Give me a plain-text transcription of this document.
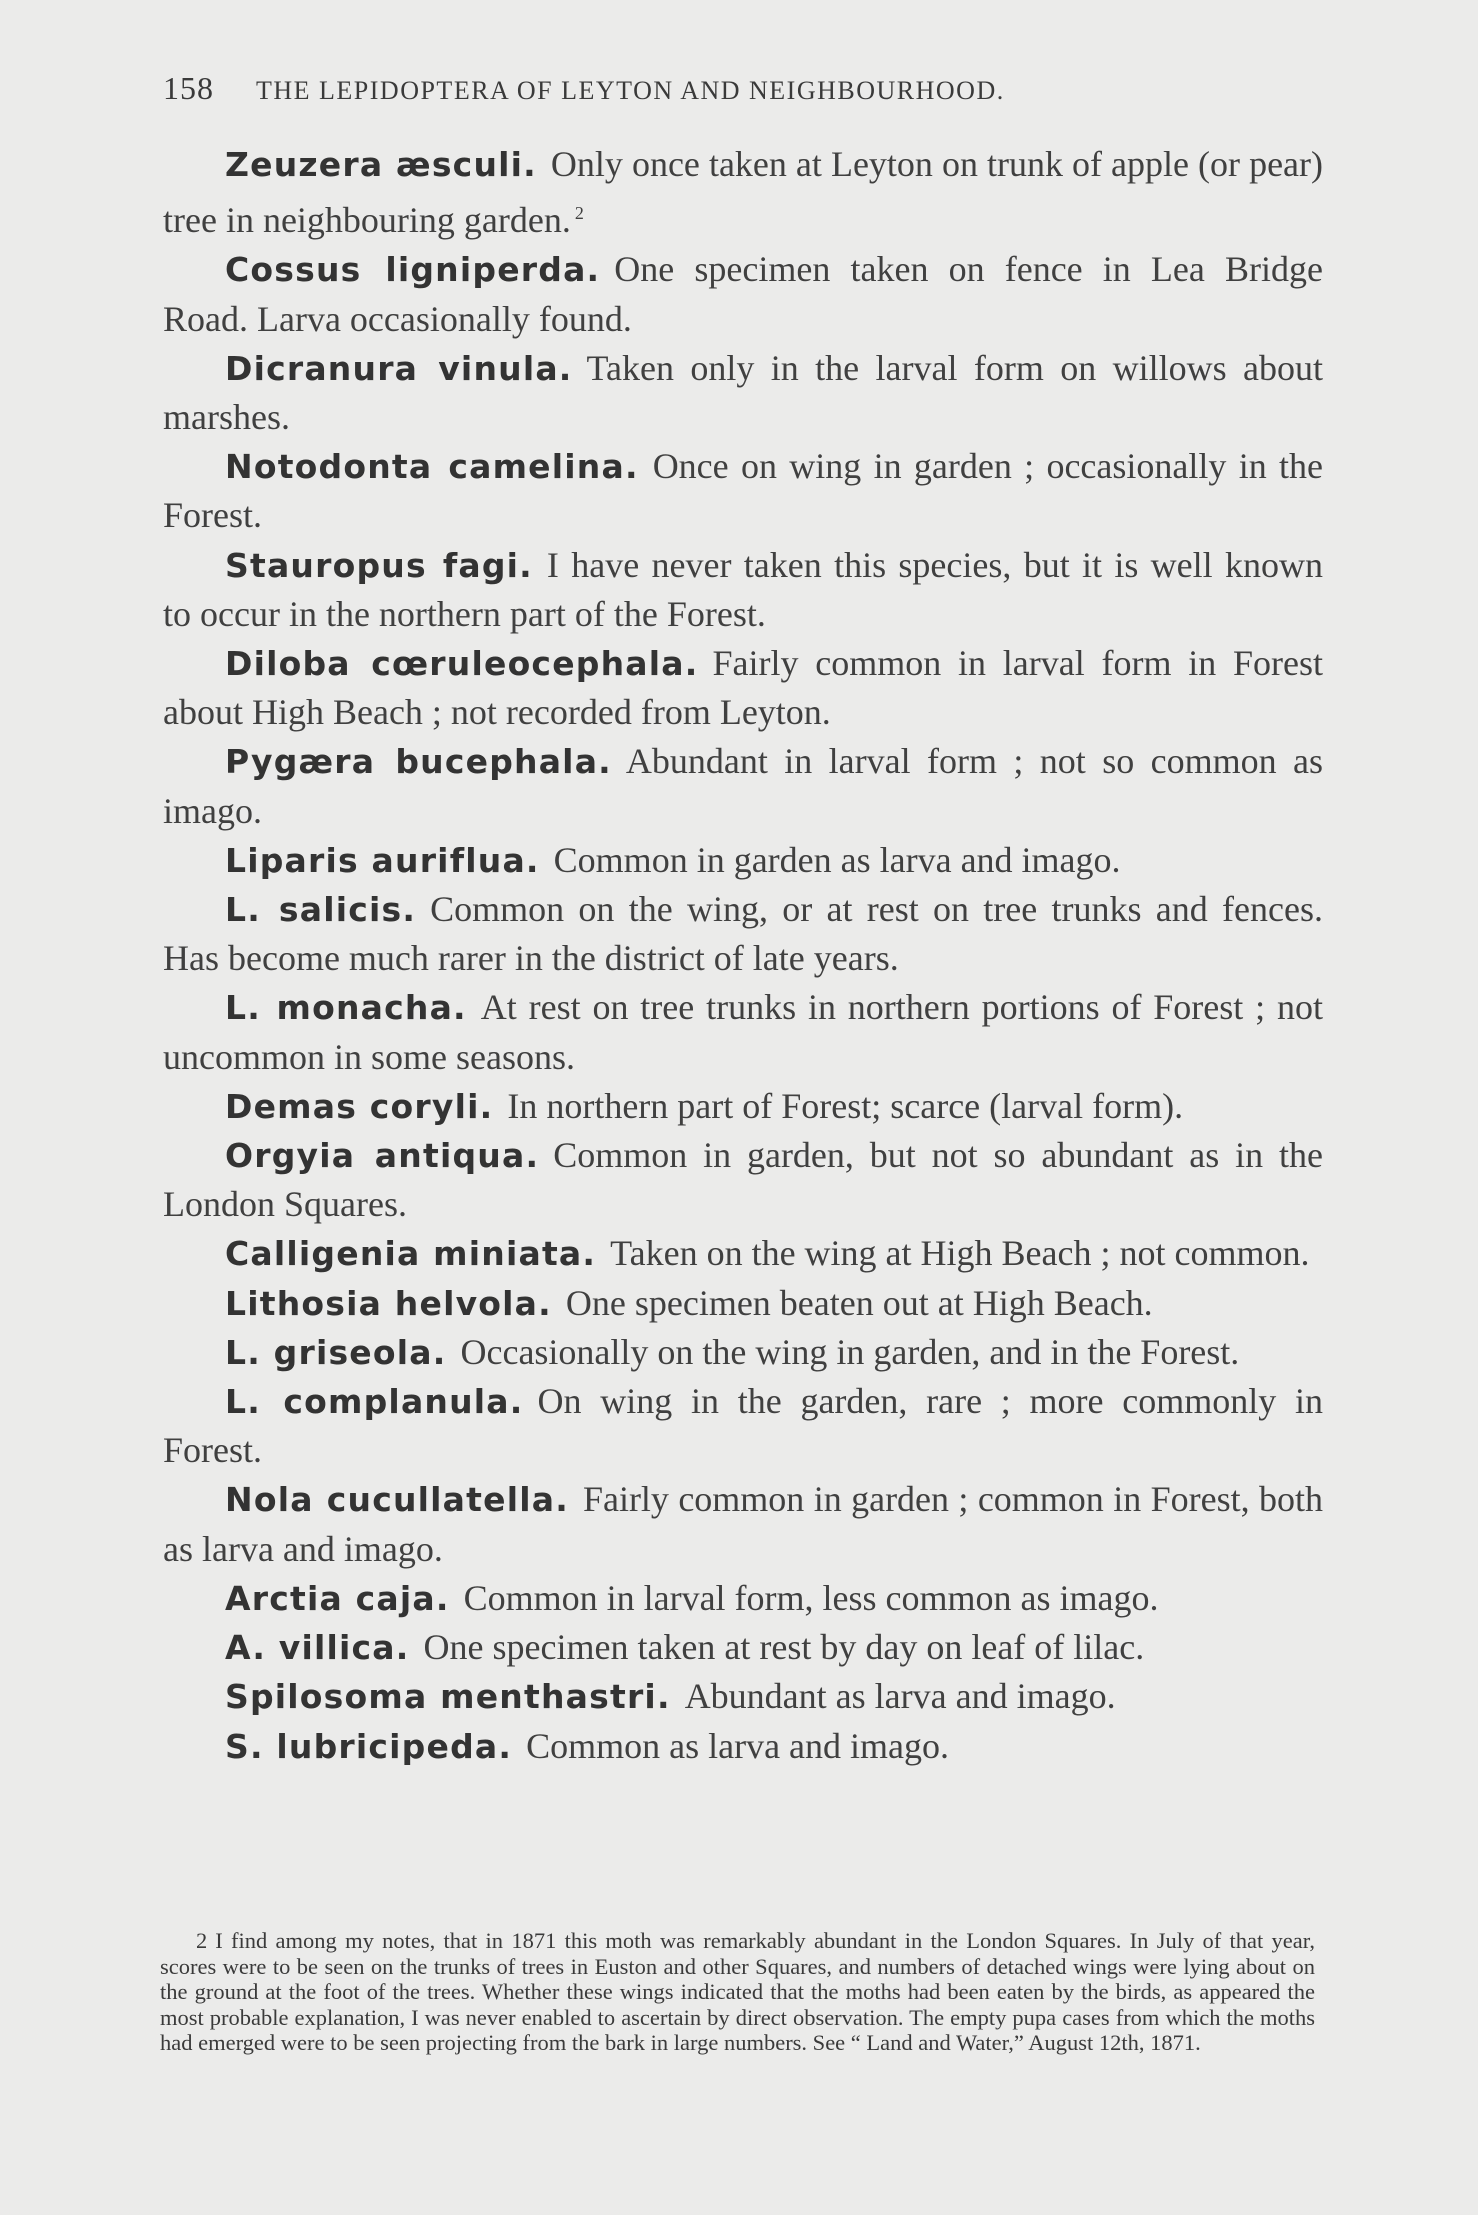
158 THE LEPIDOPTERA OF LEYTON AND NEIGHBOURHOOD.

Zeuzera æsculi. Only once taken at Leyton on trunk of apple (or pear) tree in neighbouring garden. $^2$

Cossus ligniperda. One specimen taken on fence in Lea Bridge Road. Larva occasionally found.

Dicranura vinula. Taken only in the larval form on willows about marshes.

Notodonta camelina. Once on wing in garden ; occasionally in the Forest.

Stauropus fagi. I have never taken this species, but it is well known to occur in the northern part of the Forest.

Diloba cœruleocephala. Fairly common in larval form in Forest about High Beach ; not recorded from Leyton.

Pygæra bucephala. Abundant in larval form ; not so common as imago.

Liparis auriflua. Common in garden as larva and imago.

L. salicis. Common on the wing, or at rest on tree trunks and fences. Has become much rarer in the district of late years.

L. monacha. At rest on tree trunks in northern portions of Forest ; not uncommon in some seasons.

Demas coryli. In northern part of Forest; scarce (larval form).

Orgyia antiqua. Common in garden, but not so abundant as in the London Squares.

Calligenia miniata. Taken on the wing at High Beach ; not common.

Lithosia helvola. One specimen beaten out at High Beach.

L. griseola. Occasionally on the wing in garden, and in the Forest.

L. complanula. On wing in the garden, rare ; more commonly in Forest.

Nola cucullatella. Fairly common in garden ; common in Forest, both as larva and imago.

Arctia caja. Common in larval form, less common as imago.

A. villica. One specimen taken at rest by day on leaf of lilac.

Spilosoma menthastri. Abundant as larva and imago.

S. lubricipeda. Common as larva and imago.

2 I find among my notes, that in 1871 this moth was remarkably abundant in the London Squares. In July of that year, scores were to be seen on the trunks of trees in Euston and other Squares, and numbers of detached wings were lying about on the ground at the foot of the trees. Whether these wings indicated that the moths had been eaten by the birds, as appeared the most probable explanation, I was never enabled to ascertain by direct observation. The empty pupa cases from which the moths had emerged were to be seen projecting from the bark in large numbers. See “ Land and Water,” August 12th, 1871.
